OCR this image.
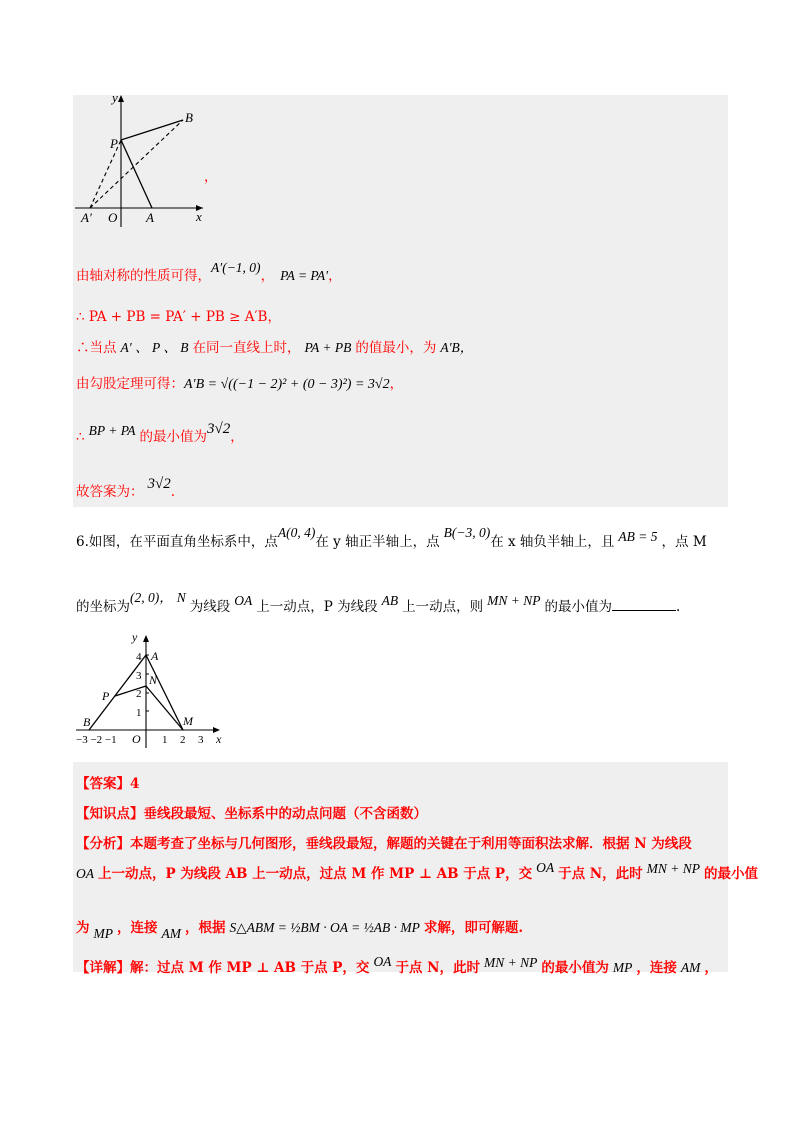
y
x
B
P
A′ O A
，
由轴对称的性质可得，A′(−1, 0)， PA = PA′，
∴ PA + PB = PA′ + PB ≥ A′B，
∴当点 A′ 、 P 、 B 在同一直线上时， PA + PB 的值最小，为 A′B，
由勾股定理可得：A′B = √((−1 − 2)² + (0 − 3)²) = 3√2，
∴ BP + PA 的最小值为3√2，
故答案为： 3√2.
6.如图，在平面直角坐标系中，点A(0, 4)在 y 轴正半轴上，点B(−3, 0)在 x 轴负半轴上，且 AB = 5 ，点 M
的坐标为(2, 0)， N为线段 OA 上一动点，P 为线段 AB 上一动点，则 MN + NP 的最小值为	.
y
x
A
N
P
B	M
O
4
3
2
1
−3 −2 −1	1 2 3
【答案】4
【知识点】垂线段最短、坐标系中的动点问题（不含函数）
【分析】本题考查了坐标与几何图形，垂线段最短，解题的关键在于利用等面积法求解．根据 N 为线段
OA 上一动点，P 为线段 AB 上一动点，过点 M 作 MP ⊥ AB 于点 P，交 OA 于点 N，此时 MN + NP 的最小值
为 MP ，连接 AM ，根据 S△ABM = ½BM · OA = ½AB · MP 求解，即可解题.
【详解】解：过点 M 作 MP ⊥ AB 于点 P，交 OA 于点 N，此时 MN + NP 的最小值为 MP ，连接 AM ，
